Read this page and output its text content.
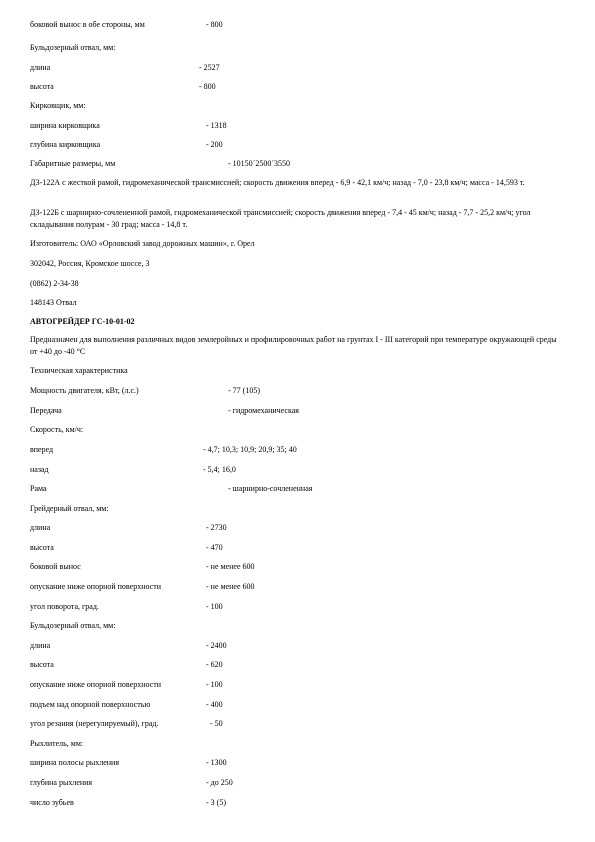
боковой вынос в обе стороны, мм	- 800
Бульдозерный отвал, мм:
длина	- 2527
высота	- 800
Кирковщик, мм:
ширина кирковщика	- 1318
глубина кирковщика	- 200
Габаритные размеры, мм	- 10150´2500´3550
ДЗ-122А с жесткой рамой, гидромеханической трансмиссией; скорость движения вперед - 6,9 - 42,1 км/ч; назад - 7,0 - 23,8 км/ч; масса - 14,593 т.
ДЗ-122Б с шарнирно-сочлененной рамой, гидромеханической трансмиссией; скорость движения вперед - 7,4 - 45 км/ч; назад - 7,7 - 25,2 км/ч; угол складывания полурам - 30 град; масса - 14,8 т.
Изготовитель: ОАО «Орловский завод дорожных машин», г. Орел
302042, Россия, Кромское шоссе, 3
(0862) 2-34-38
148143 Отвал
АВТОГРЕЙДЕР ГС-10-01-02
Предназначен для выполнения различных видов землеройных и профилировочных работ на грунтах I - III категорий при температуре окружающей среды от +40 до -40 °С
Техническая характеристика
Мощность двигателя, кВт, (л.с.)	- 77 (105)
Передача	- гидромеханическая
Скорость, км/ч:
вперед	- 4,7; 10,3; 10,9; 20,9; 35; 40
назад	- 5,4; 16,0
Рама	- шарнирно-сочлененная
Грейдерный отвал, мм:
длина	- 2730
высота	- 470
боковой вынос	- не менее 600
опускание ниже опорной поверхности	- не менее 600
угол поворота, град.	- 100
Бульдозерный отвал, мм:
длина	- 2400
высота	- 620
опускание ниже опорной поверхности	- 100
подъем над опорной поверхностью	- 400
угол резания (нерегулируемый), град.	- 50
Рыхлитель, мм:
ширина полосы рыхления	- 1300
глубина рыхления	- до 250
число зубьев	- 3 (5)
